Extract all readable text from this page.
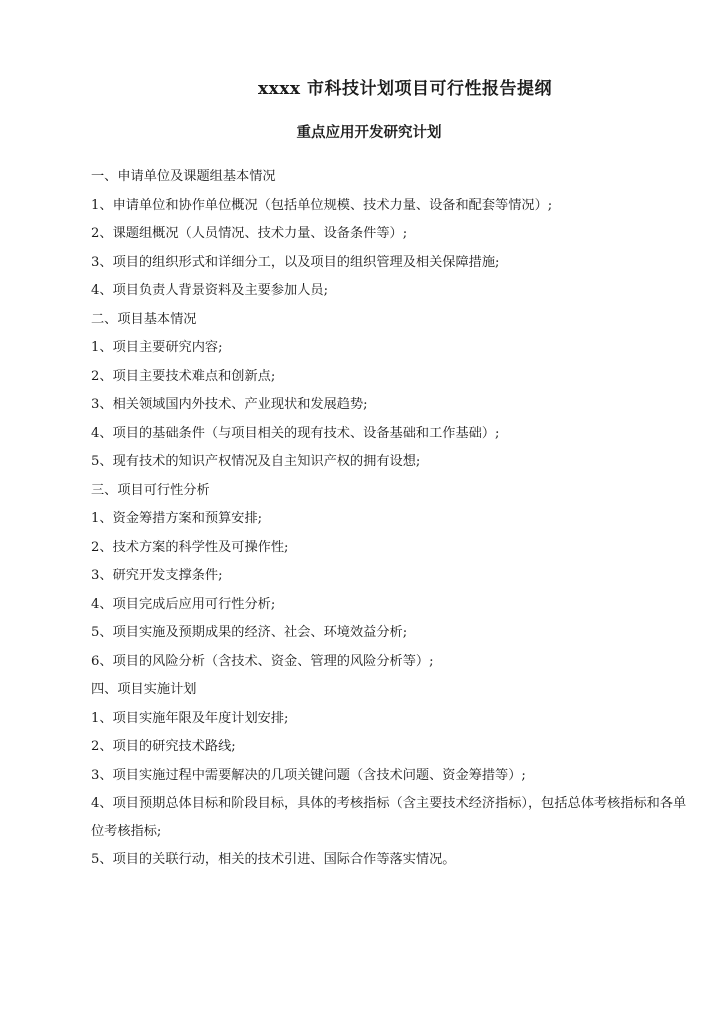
xxxx 市科技计划项目可行性报告提纲
重点应用开发研究计划

一、申请单位及课题组基本情况

1、申请单位和协作单位概况（包括单位规模、技术力量、设备和配套等情况）;

2、课题组概况（人员情况、技术力量、设备条件等）;

3、项目的组织形式和详细分工，以及项目的组织管理及相关保障措施;

4、项目负责人背景资料及主要参加人员;

二、项目基本情况

1、项目主要研究内容;

2、项目主要技术难点和创新点;

3、相关领域国内外技术、产业现状和发展趋势;

4、项目的基础条件（与项目相关的现有技术、设备基础和工作基础）;

5、现有技术的知识产权情况及自主知识产权的拥有设想;

三、项目可行性分析

1、资金筹措方案和预算安排;

2、技术方案的科学性及可操作性;

3、研究开发支撑条件;

4、项目完成后应用可行性分析;

5、项目实施及预期成果的经济、社会、环境效益分析;

6、项目的风险分析（含技术、资金、管理的风险分析等）;

四、项目实施计划

1、项目实施年限及年度计划安排;

2、项目的研究技术路线;

3、项目实施过程中需要解决的几项关键问题（含技术问题、资金筹措等）;

4、项目预期总体目标和阶段目标，具体的考核指标（含主要技术经济指标），包括总体考核指标和各单位考核指标;

5、项目的关联行动，相关的技术引进、国际合作等落实情况。
